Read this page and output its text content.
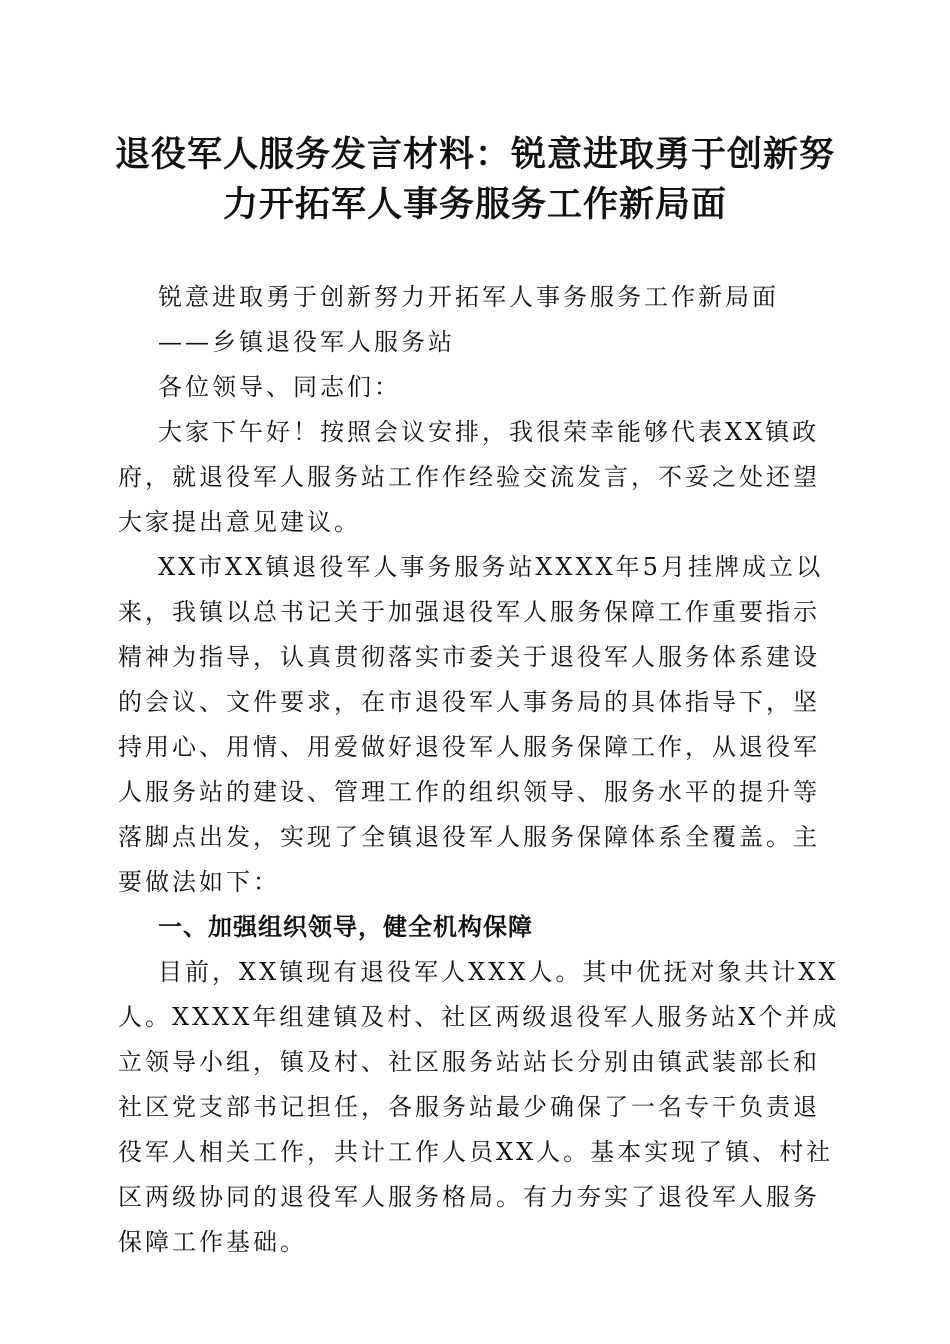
退役军人服务发言材料：锐意进取勇于创新努
力开拓军人事务服务工作新局面

锐意进取勇于创新努力开拓军人事务服务工作新局面

——乡镇退役军人服务站

各位领导、同志们：

大家下午好！按照会议安排，我很荣幸能够代表XX镇政府，就退役军人服务站工作作经验交流发言，不妥之处还望大家提出意见建议。

XX市XX镇退役军人事务服务站XXXX年5月挂牌成立以来，我镇以总书记关于加强退役军人服务保障工作重要指示精神为指导，认真贯彻落实市委关于退役军人服务体系建设的会议、文件要求，在市退役军人事务局的具体指导下，坚持用心、用情、用爱做好退役军人服务保障工作，从退役军人服务站的建设、管理工作的组织领导、服务水平的提升等落脚点出发，实现了全镇退役军人服务保障体系全覆盖。主要做法如下：

一、加强组织领导，健全机构保障

目前，XX镇现有退役军人XXX人。其中优抚对象共计XX人。XXXX年组建镇及村、社区两级退役军人服务站X个并成立领导小组，镇及村、社区服务站站长分别由镇武装部长和社区党支部书记担任，各服务站最少确保了一名专干负责退役军人相关工作，共计工作人员XX人。基本实现了镇、村社区两级协同的退役军人服务格局。有力夯实了退役军人服务保障工作基础。
